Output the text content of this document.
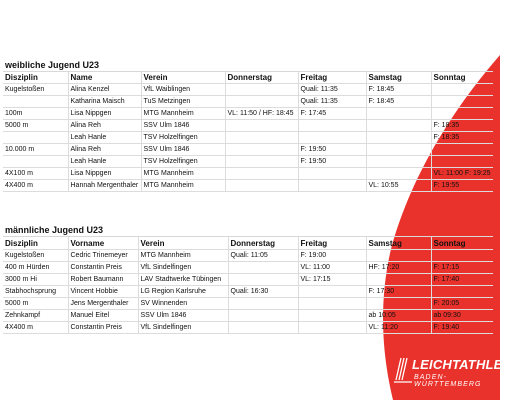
weibliche Jugend U23
Disziplin	Name	Verein	Donnerstag	Freitag	Samstag	Sonntag
Kugelstoßen	Alina Kenzel	VfL Waiblingen		Quali: 11:35	F: 18:45	
	Katharina Maisch	TuS Metzingen		Quali: 11:35	F: 18:45	
100m	Lisa Nippgen	MTG Mannheim	VL: 11:50 / HF: 18:45	F: 17:45		
5000 m	Alina Reh	SSV Ulm 1846				F: 18:35
	Leah Hanle	TSV Holzelfingen				F: 18:35
10.000 m	Alina Reh	SSV Ulm 1846		F: 19:50		
	Leah Hanle	TSV Holzelfingen		F: 19:50		
4X100 m	Lisa Nippgen	MTG Mannheim				VL: 11:00 F: 19:25
4X400 m	Hannah Mergenthaler	MTG Mannheim			VL: 10:55	F: 19:55
männliche Jugend U23
Disziplin	Vorname	Verein	Donnerstag	Freitag	Samstag	Sonntag
Kugelstoßen	Cedric Trinemeyer	MTG Mannheim	Quali: 11:05	F: 19:00		
400 m Hürden	Constantin Preis	VfL Sindelfingen		VL: 11:00	HF: 17:20	F: 17:15
3000 m Hi	Robert Baumann	LAV Stadtwerke Tübingen		VL: 17:15		F: 17:40
Stabhochsprung	Vincent Hobbie	LG Region Karlsruhe	Quali: 16:30		F: 17:30	
5000 m	Jens Mergenthaler	SV Winnenden				F: 20:05
Zehnkampf	Manuel Eitel	SSV Ulm 1846			ab 10:05	ab 09:30
4X400 m	Constantin Preis	VfL Sindelfingen			VL: 11:20	F: 19:40
LEICHTATHLETIK
BADEN-WÜRTTEMBERG
